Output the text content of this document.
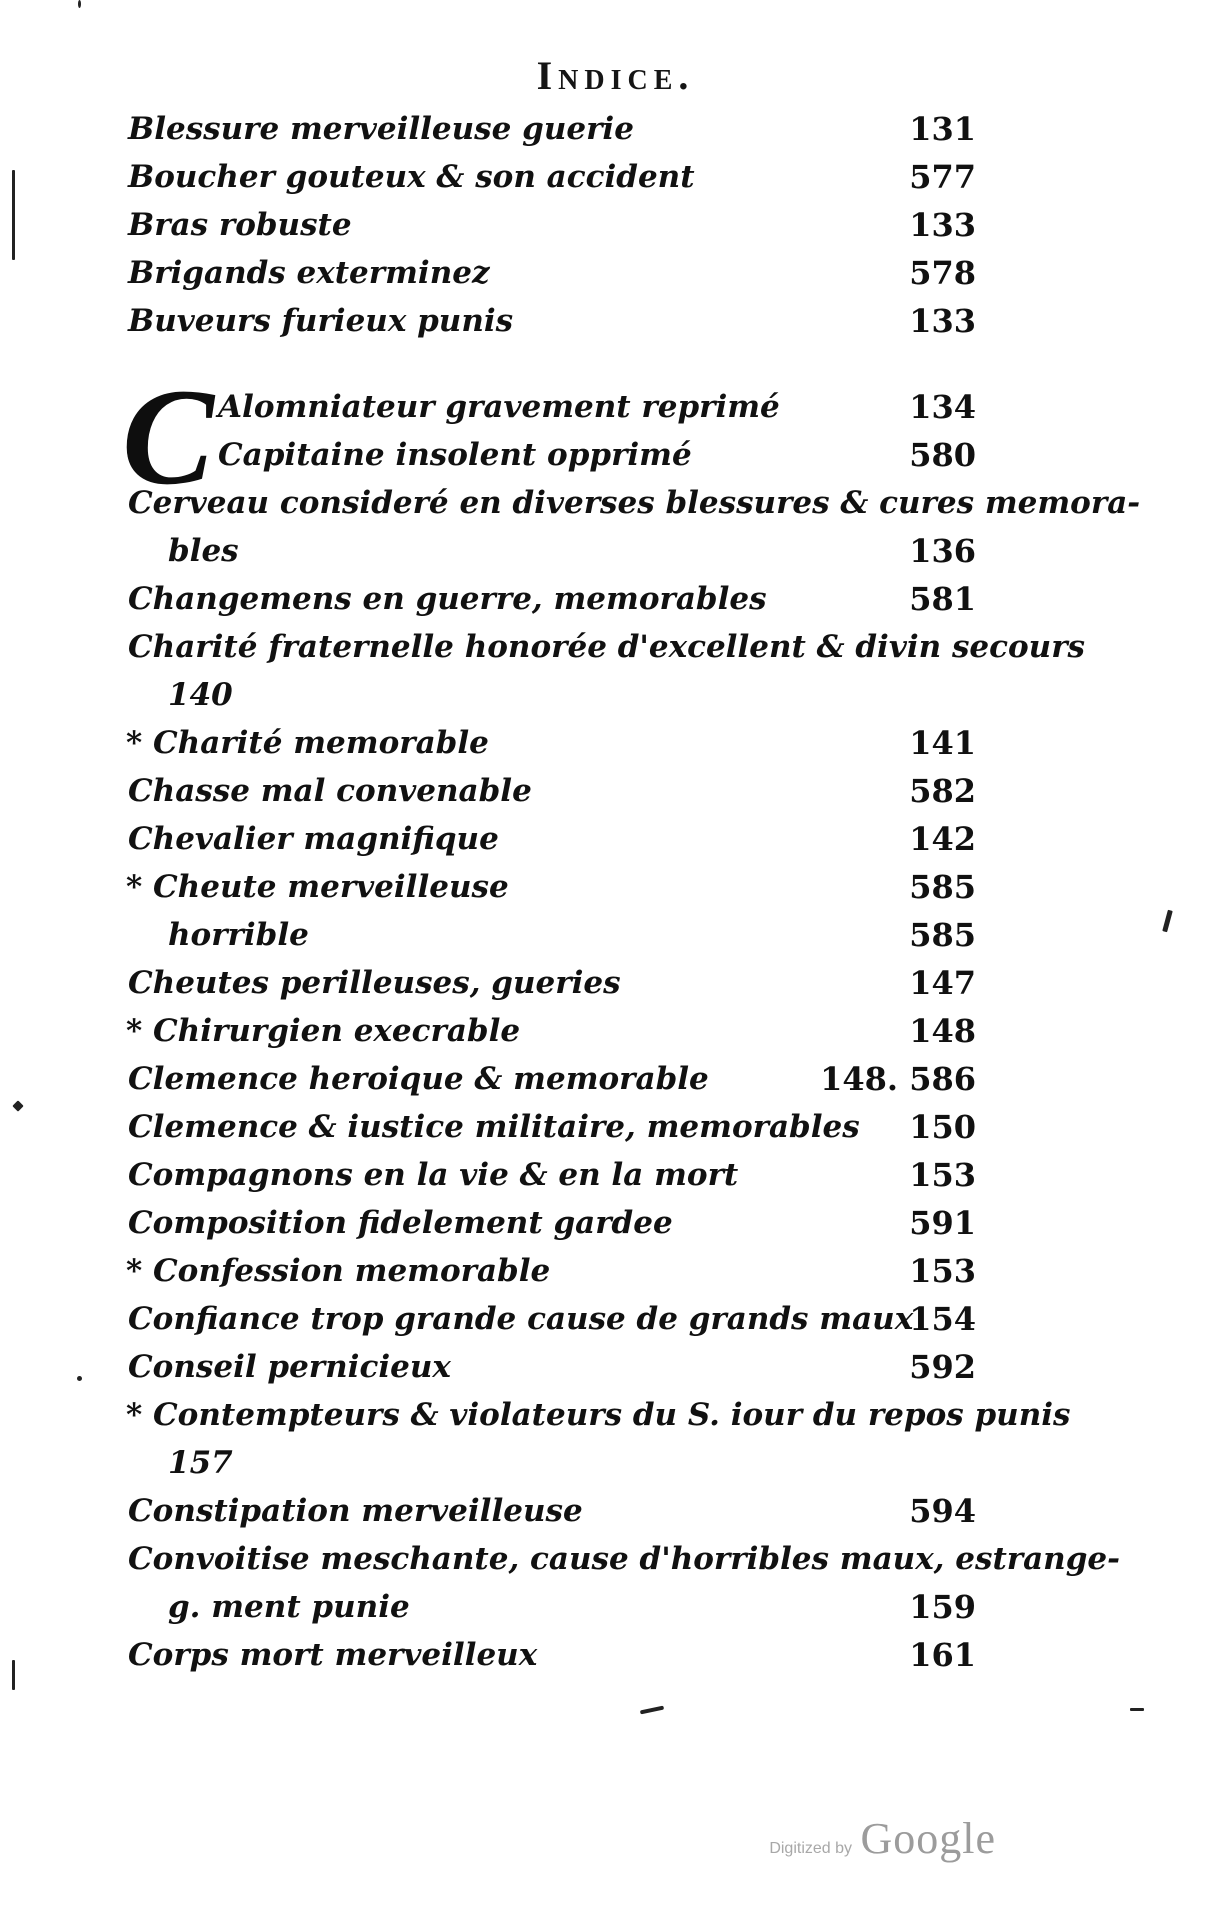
Indice.
Blessure merveilleuse guerie	131
Boucher gouteux & son accident	577
Bras robuste	133
Brigands exterminez	578
Buveurs furieux punis	133
C Alomniateur gravement reprimé	134
Capitaine insolent opprimé	580
Cerveau consideré en diverses blessures & cures memora-
bles	136
Changemens en guerre, memorables	581
Charité fraternelle honorée d'excellent & divin secours
140
* Charité memorable	141
Chasse mal convenable	582
Chevalier magnifique	142
* Cheute merveilleuse	585
horrible	585
Cheutes perilleuses, gueries	147
* Chirurgien execrable	148
Clemence heroique & memorable	148. 586
Clemence & iustice militaire, memorables 150
Compagnons en la vie & en la mort	153
Composition fidelement gardee	591
* Confession memorable	153
Confiance trop grande cause de grands maux
154
Conseil pernicieux	592
* Contempteurs & violateurs du S. iour du repos punis
157
Constipation merveilleuse	594
Convoitise meschante, cause d'horribles maux, estrange-
g. ment punie	159
Corps mort merveilleux	161
Digitized by Google
